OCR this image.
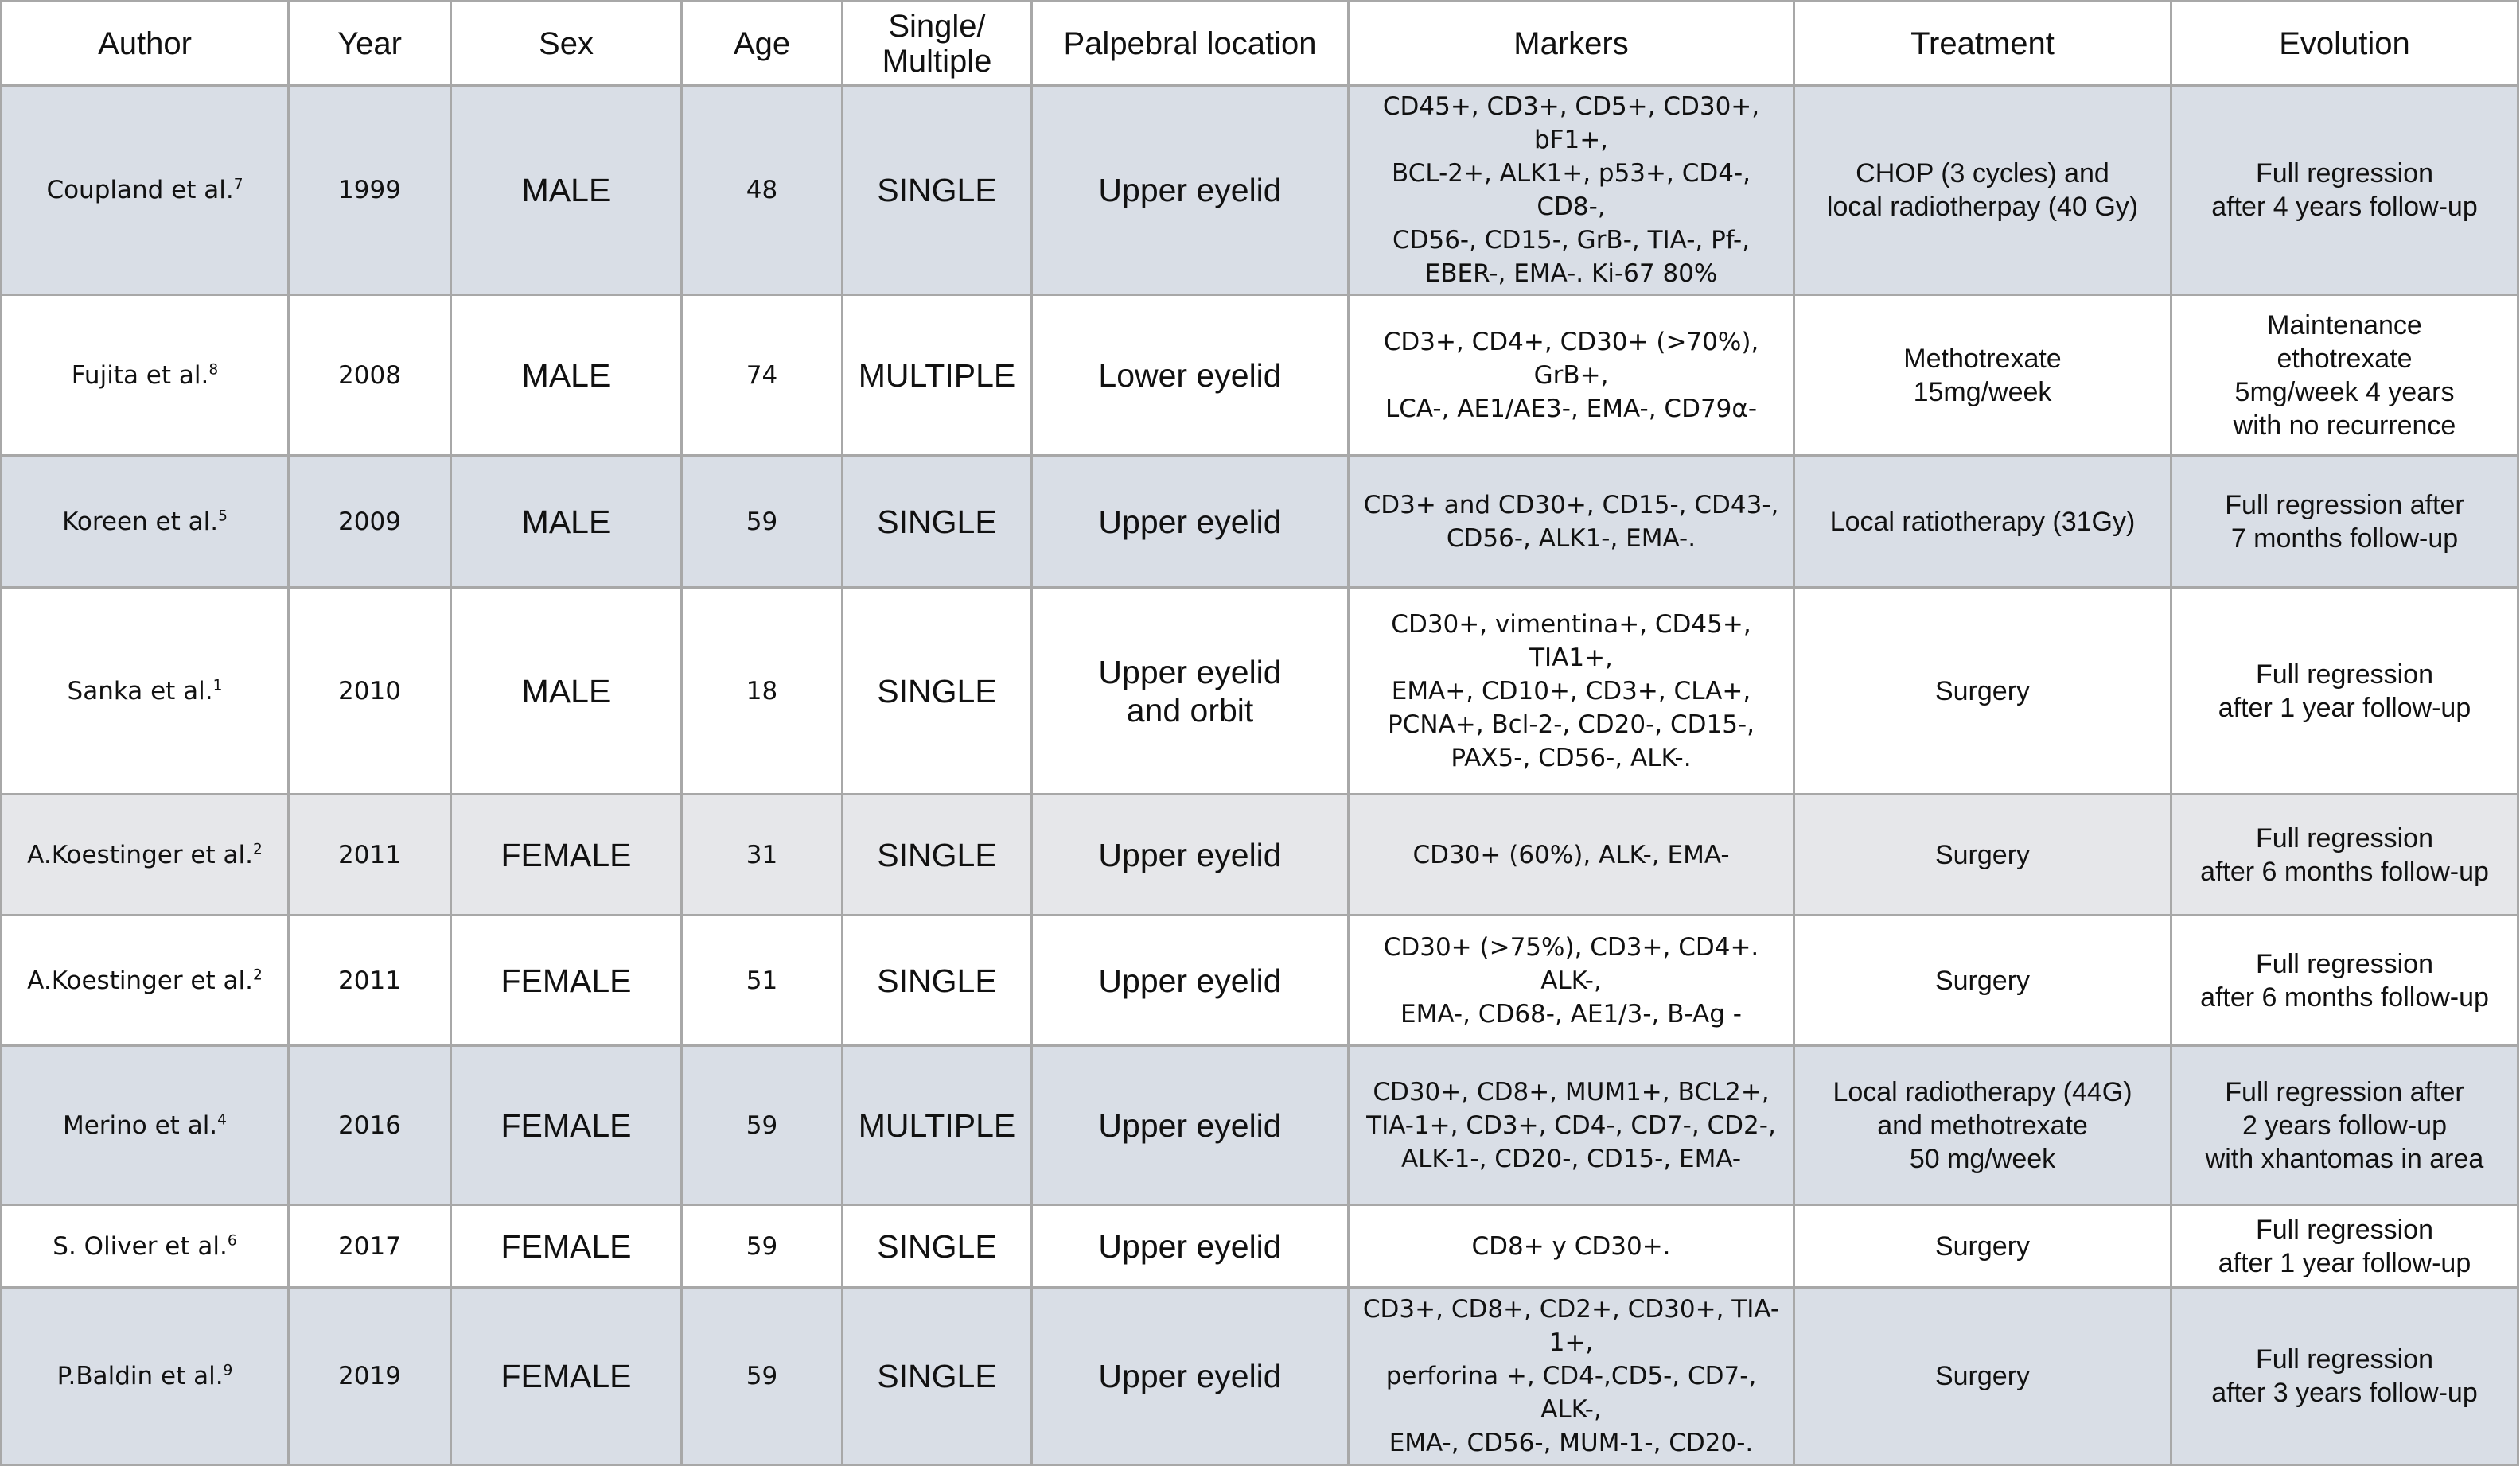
Author	Year	Sex	Age	Single/
Multiple	Palpebral location	Markers	Treatment	Evolution
Coupland et al.$^7$	1999	MALE	48	SINGLE	Upper eyelid	CD45+, CD3+, CD5+, CD30+, bF1+,
BCL-2+, ALK1+, p53+, CD4-, CD8-,
CD56-, CD15-, GrB-, TIA-, Pf-,
EBER-, EMA-. Ki-67 80%	CHOP (3 cycles) and
local radiotherpay (40 Gy)	Full regression
after 4 years follow-up
Fujita et al.$^8$	2008	MALE	74	MULTIPLE	Lower eyelid	CD3+, CD4+, CD30+ (>70%), GrB+,
LCA-, AE1/AE3-, EMA-, CD79α-	Methotrexate
15mg/week	Maintenance
ethotrexate
5mg/week 4 years
with no recurrence
Koreen et al.$^5$	2009	MALE	59	SINGLE	Upper eyelid	CD3+ and CD30+, CD15-, CD43-,
CD56-, ALK1-, EMA-.	Local ratiotherapy (31Gy)	Full regression after
7 months follow-up
Sanka et al.$^1$	2010	MALE	18	SINGLE	Upper eyelid
and orbit	CD30+, vimentina+, CD45+, TIA1+,
EMA+, CD10+, CD3+, CLA+,
PCNA+, Bcl-2-, CD20-, CD15-,
PAX5-, CD56-, ALK-.	Surgery	Full regression
after 1 year follow-up
A.Koestinger et al.$^2$	2011	FEMALE	31	SINGLE	Upper eyelid	CD30+ (60%), ALK-, EMA-	Surgery	Full regression
after 6 months follow-up
A.Koestinger et al.$^2$	2011	FEMALE	51	SINGLE	Upper eyelid	CD30+ (>75%), CD3+, CD4+. ALK-,
EMA-, CD68-, AE1/3-, B-Ag -	Surgery	Full regression
after 6 months follow-up
Merino et al.$^4$	2016	FEMALE	59	MULTIPLE	Upper eyelid	CD30+, CD8+, MUM1+, BCL2+,
TIA-1+, CD3+, CD4-, CD7-, CD2-,
ALK-1-, CD20-, CD15-, EMA-	Local radiotherapy (44G)
and methotrexate
50 mg/week	Full regression after
2 years follow-up
with xhantomas in area
S. Oliver et al.$^6$	2017	FEMALE	59	SINGLE	Upper eyelid	CD8+ y CD30+.	Surgery	Full regression
after 1 year follow-up
P.Baldin et al.$^9$	2019	FEMALE	59	SINGLE	Upper eyelid	CD3+, CD8+, CD2+, CD30+, TIA-1+,
perforina +, CD4-,CD5-, CD7-, ALK-,
EMA-, CD56-, MUM-1-, CD20-.	Surgery	Full regression
after 3 years follow-up
